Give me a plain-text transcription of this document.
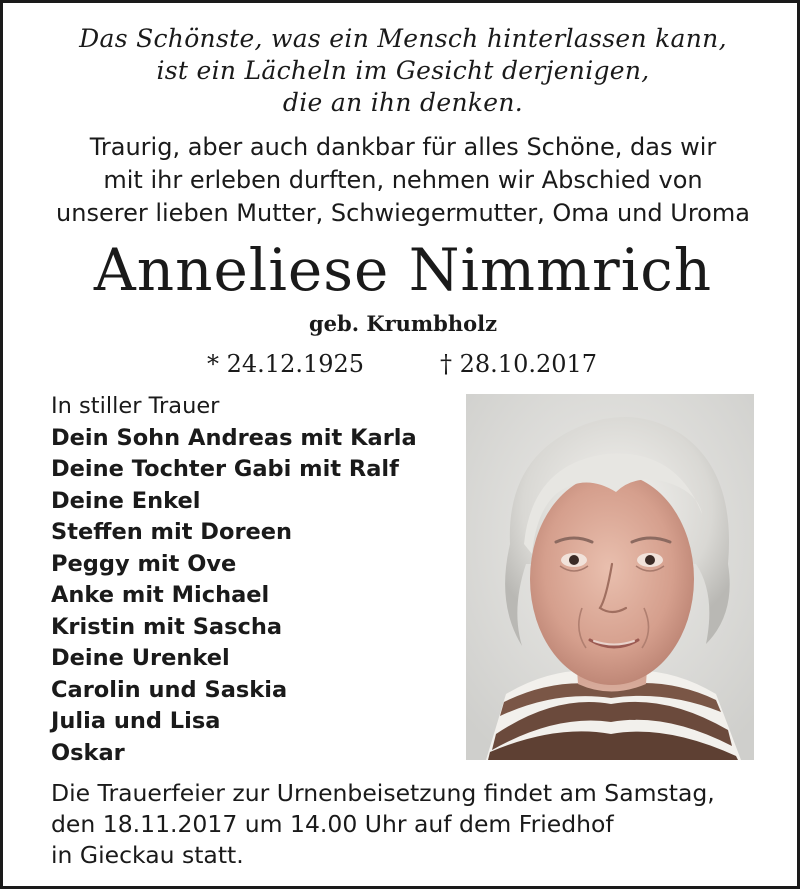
Das Schönste, was ein Mensch hinterlassen kann,
ist ein Lächeln im Gesicht derjenigen,
die an ihn denken.
Traurig, aber auch dankbar für alles Schöne, das wir
mit ihr erleben durften, nehmen wir Abschied von
unserer lieben Mutter, Schwiegermutter, Oma und Uroma
Anneliese Nimmrich
geb. Krumbholz
* 24.12.1925	† 28.10.2017
In stiller Trauer
Dein Sohn Andreas mit Karla
Deine Tochter Gabi mit Ralf
Deine Enkel
Steffen mit Doreen
Peggy mit Ove
Anke mit Michael
Kristin mit Sascha
Deine Urenkel
Carolin und Saskia
Julia und Lisa
Oskar
Die Trauerfeier zur Urnenbeisetzung findet am Samstag,
den 18.11.2017 um 14.00 Uhr auf dem Friedhof
in Gieckau statt.
